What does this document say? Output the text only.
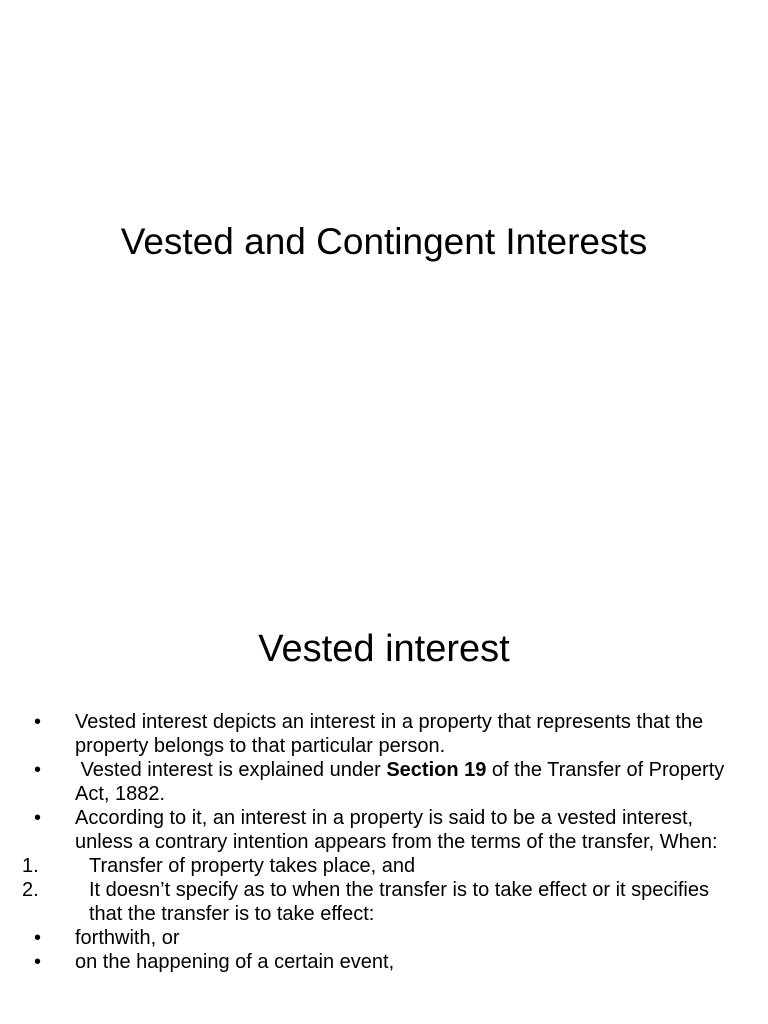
Vested and Contingent Interests
Vested interest
• Vested interest depicts an interest in a property that represents that the property belongs to that particular person.
• Vested interest is explained under Section 19 of the Transfer of Property Act, 1882.
• According to it, an interest in a property is said to be a vested interest, unless a contrary intention appears from the terms of the transfer, When:
1.	Transfer of property takes place, and
2.	It doesn’t specify as to when the transfer is to take effect or it specifies that the transfer is to take effect:
• forthwith, or
• on the happening of a certain event,
